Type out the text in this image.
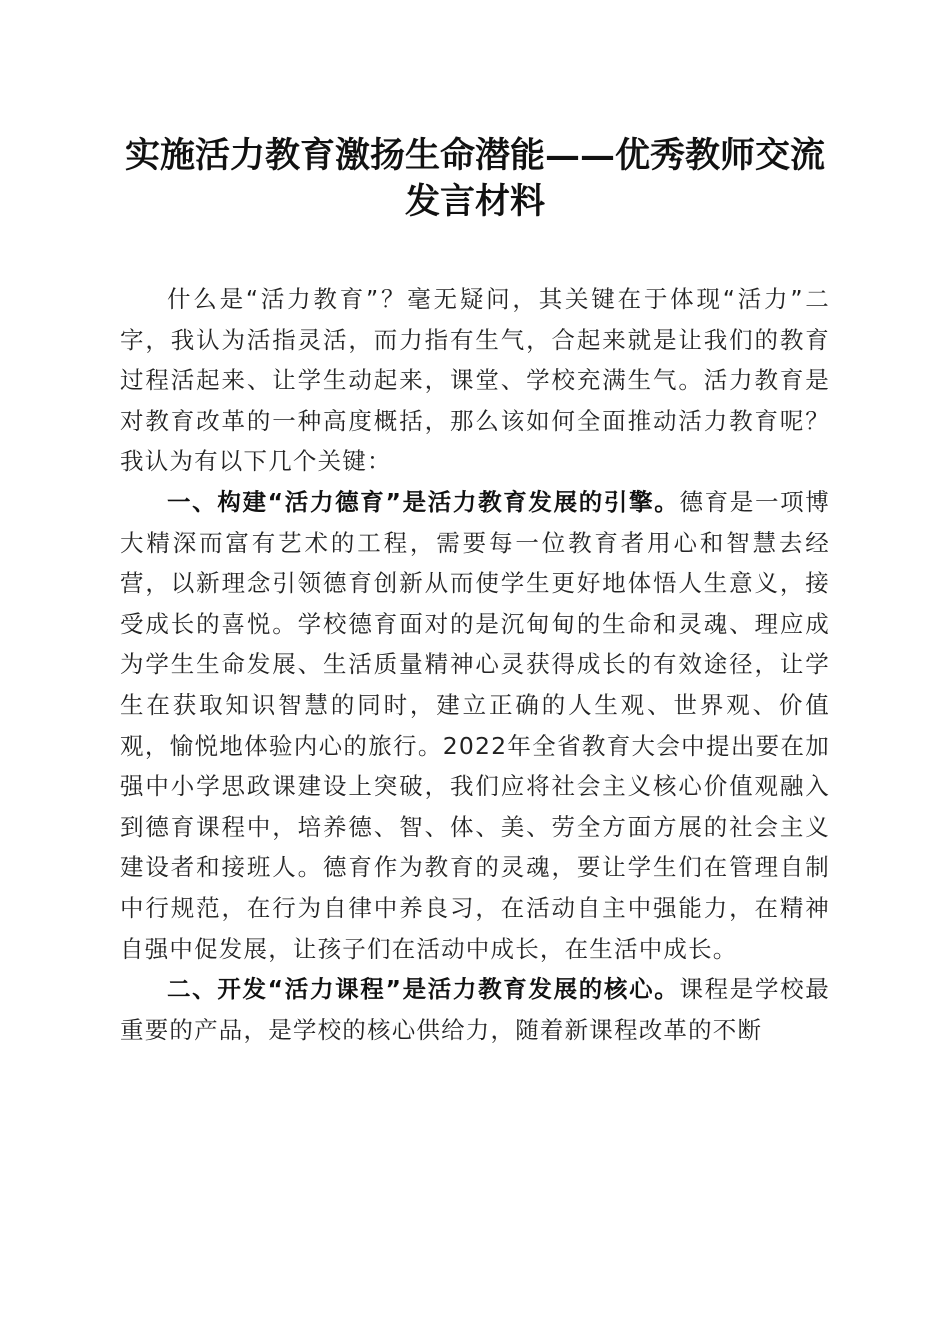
实施活力教育激扬生命潜能——优秀教师交流
发言材料

什么是“活力教育”？毫无疑问，其关键在于体现“活力”二字，我认为活指灵活，而力指有生气，合起来就是让我们的教育过程活起来、让学生动起来，课堂、学校充满生气。活力教育是对教育改革的一种高度概括，那么该如何全面推动活力教育呢？我认为有以下几个关键：

一、构建“活力德育”是活力教育发展的引擎。德育是一项博大精深而富有艺术的工程，需要每一位教育者用心和智慧去经营，以新理念引领德育创新从而使学生更好地体悟人生意义，接受成长的喜悦。学校德育面对的是沉甸甸的生命和灵魂、理应成为学生生命发展、生活质量精神心灵获得成长的有效途径，让学生在获取知识智慧的同时，建立正确的人生观、世界观、价值观，愉悦地体验内心的旅行。2022年全省教育大会中提出要在加强中小学思政课建设上突破，我们应将社会主义核心价值观融入到德育课程中，培养德、智、体、美、劳全方面方展的社会主义建设者和接班人。德育作为教育的灵魂，要让学生们在管理自制中行规范，在行为自律中养良习，在活动自主中强能力，在精神自强中促发展，让孩子们在活动中成长，在生活中成长。

二、开发“活力课程”是活力教育发展的核心。课程是学校最重要的产品，是学校的核心供给力，随着新课程改革的不断
